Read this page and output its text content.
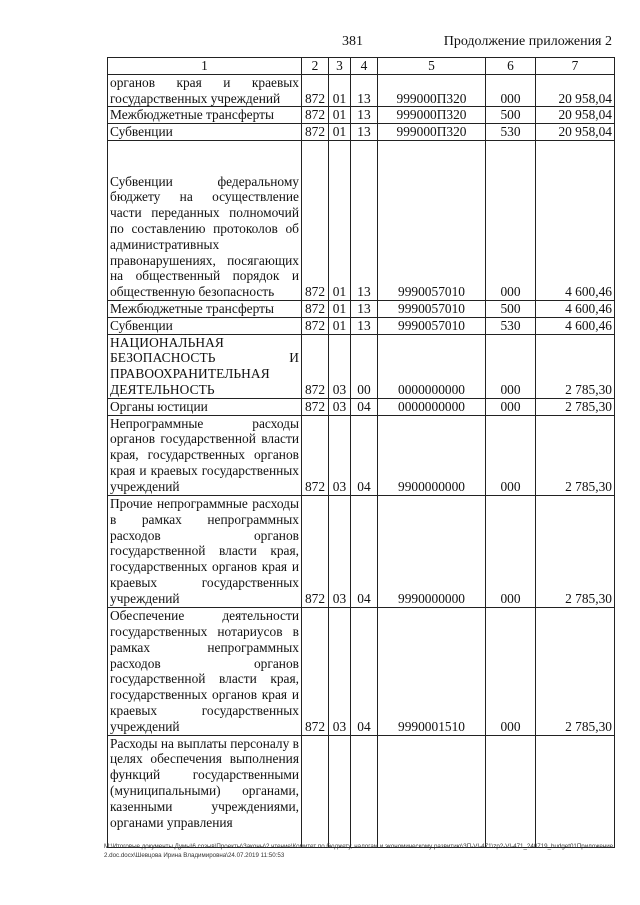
381	Продолжение приложения 2
1	2	3	4	5	6	7
органов края и краевых государственных учреждений	872	01	13	999000П320	000	20 958,04
Межбюджетные трансферты	872	01	13	999000П320	500	20 958,04
Субвенции	872	01	13	999000П320	530	20 958,04
Субвенции федеральному бюджету на осуществление части переданных полномочий по составлению протоколов об административных правонарушениях, посягающих на общественный порядок и общественную безопасность	872	01	13	9990057010	000	4 600,46
Межбюджетные трансферты	872	01	13	9990057010	500	4 600,46
Субвенции	872	01	13	9990057010	530	4 600,46
НАЦИОНАЛЬНАЯ БЕЗОПАСНОСТЬ И ПРАВООХРАНИТЕЛЬНАЯ ДЕЯТЕЛЬНОСТЬ	872	03	00	0000000000	000	2 785,30
Органы юстиции	872	03	04	0000000000	000	2 785,30
Непрограммные расходы органов государственной власти края, государственных органов края и краевых государственных учреждений	872	03	04	9900000000	000	2 785,30
Прочие непрограммные расходы в рамках непрограммных расходов органов государственной власти края, государственных органов края и краевых государственных учреждений	872	03	04	9990000000	000	2 785,30
Обеспечение деятельности государственных нотариусов в рамках непрограммных расходов органов государственной власти края, государственных органов края и краевых государственных учреждений	872	03	04	9990001510	000	2 785,30
Расходы на выплаты персоналу в целях обеспечения выполнения функций государственными (муниципальными) органами, казенными учреждениями, органами управления						
M:\Итоговые документы Думы\6 созыв\Проекты\Законы\2 чтение\Комитет по бюджету, налогам и экономическому развитию\ЗП-VI-471\zp2-VI-471_240719_budget01Приложение 2.doc.docx\Шевцова Ирина Владимировна\24.07.2019 11:50:53
